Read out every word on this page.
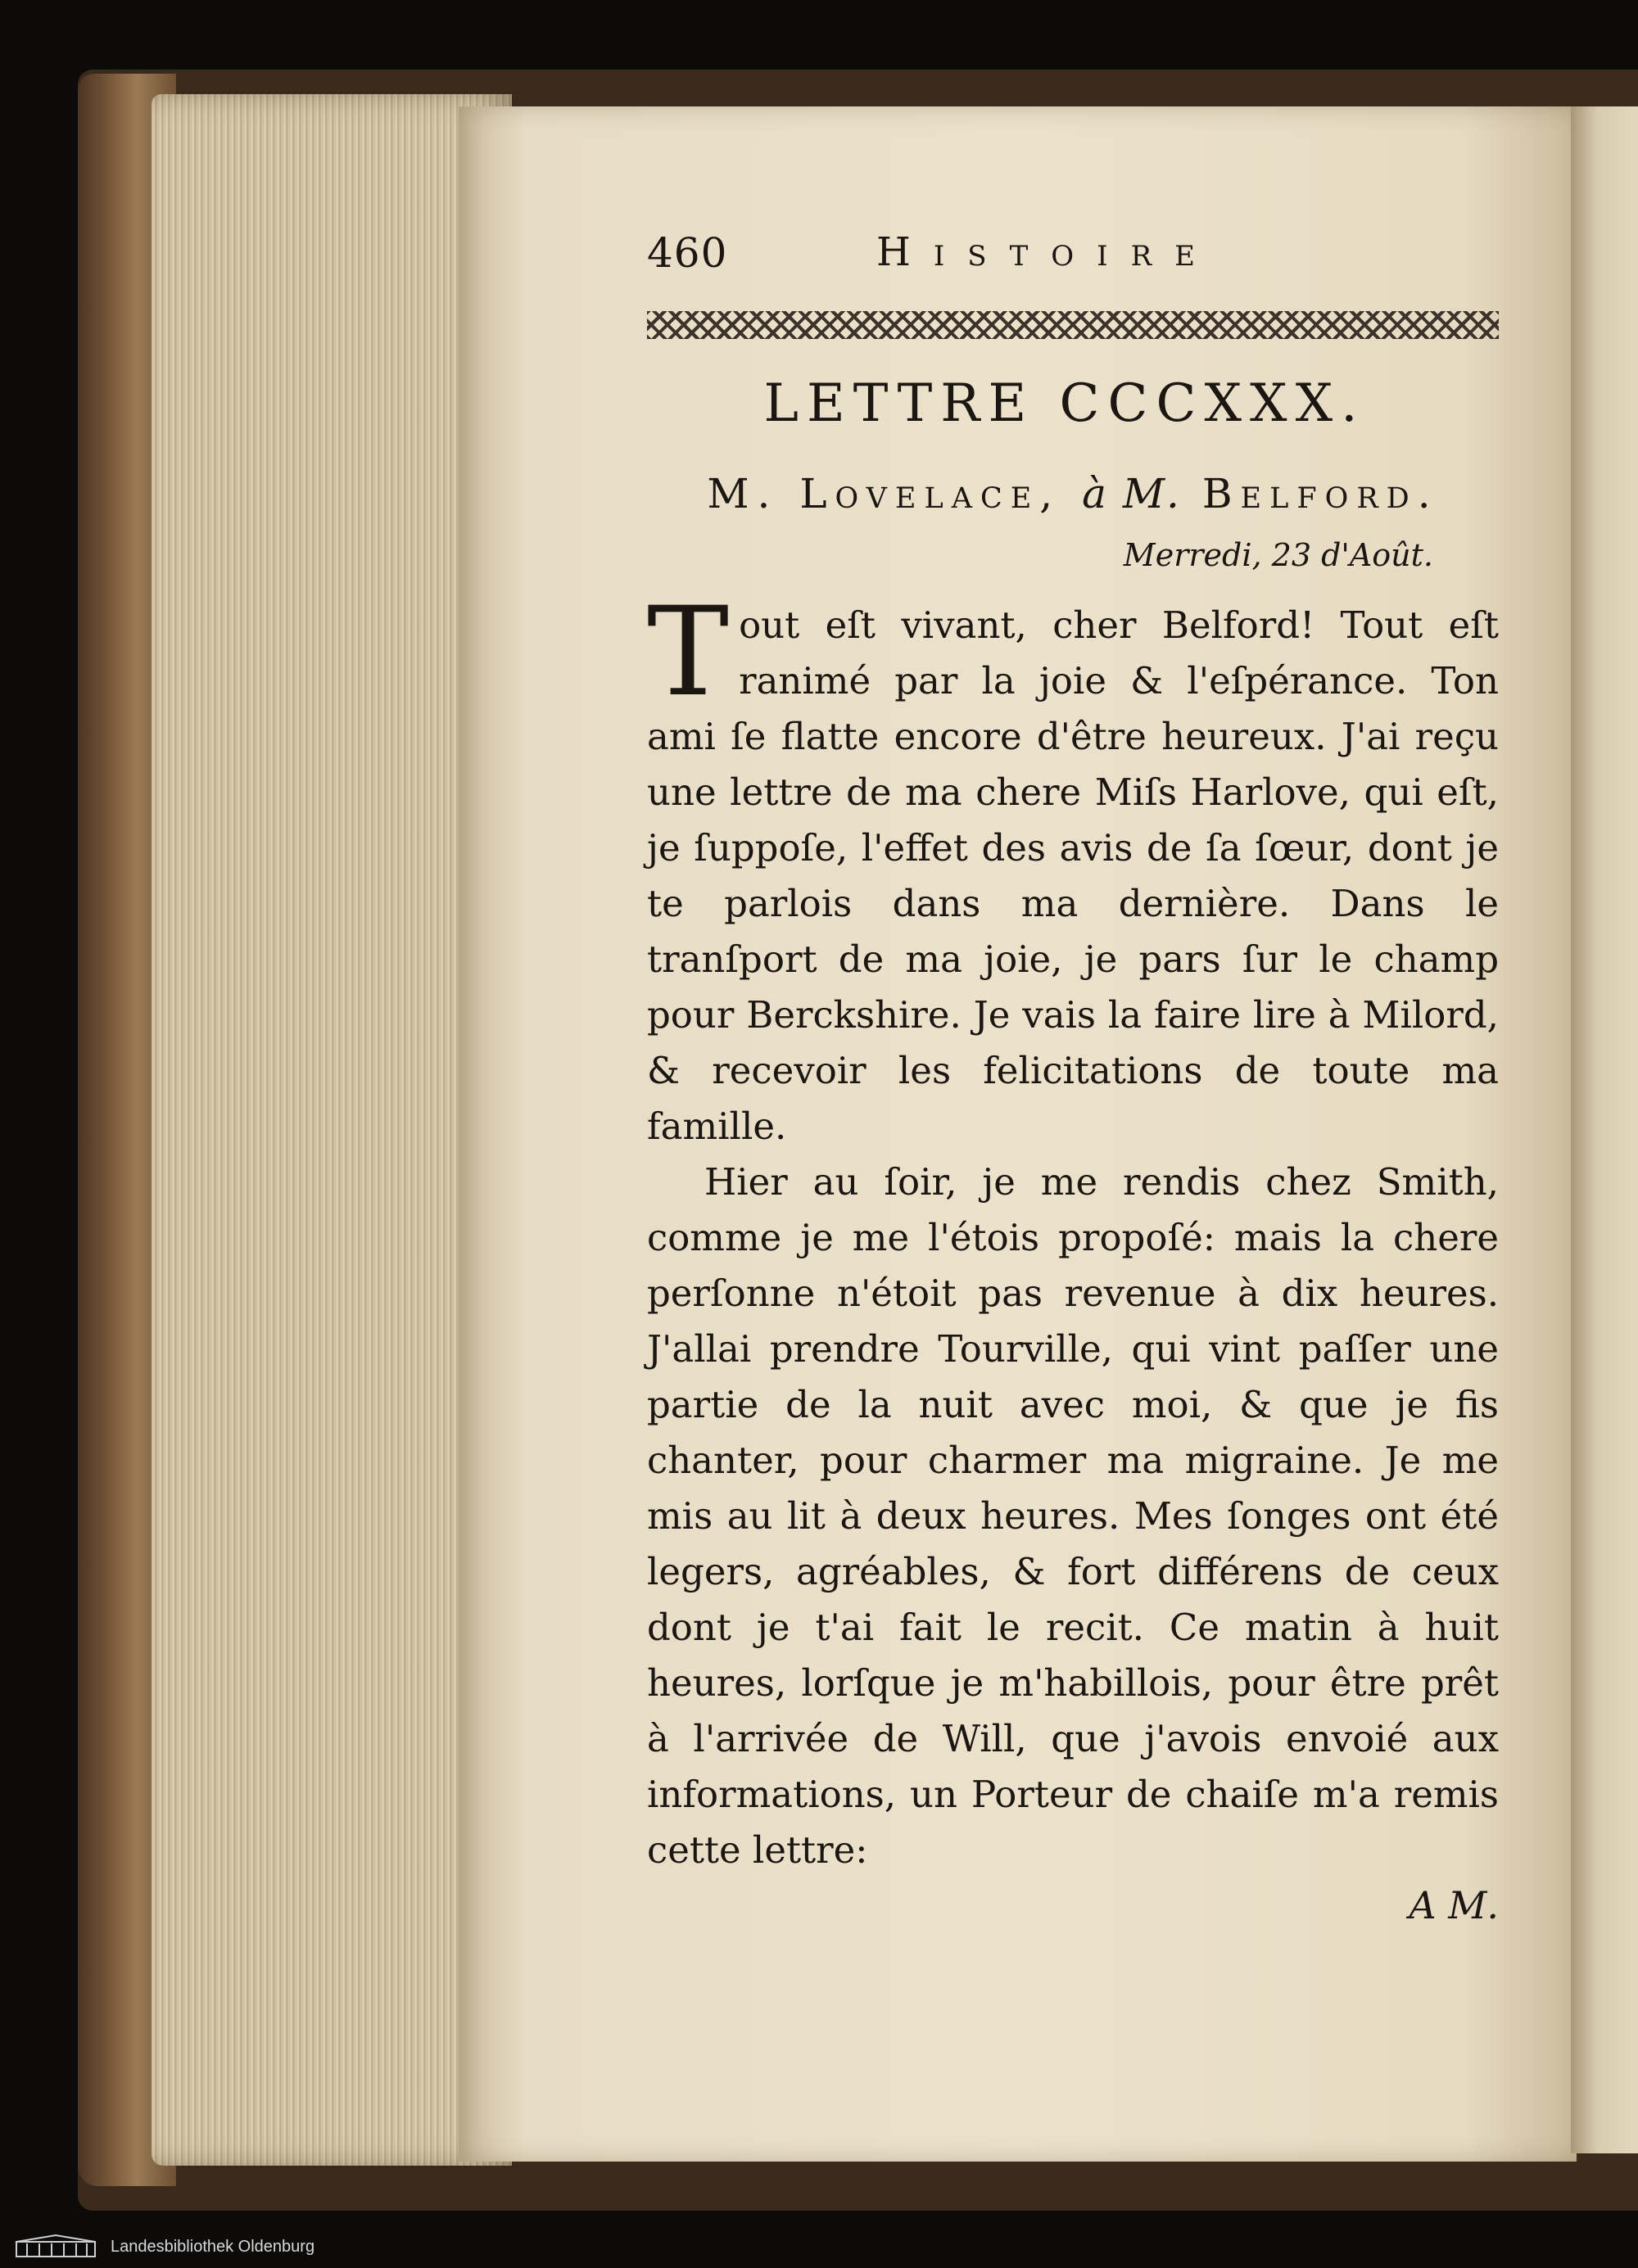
460	Histoire
LETTRE CCCXXX.
M. Lovelace, à M. Belford.
Merredi, 23 d'Août.

Tout eſt vivant, cher Belford! Tout eſt ranimé par la joie & l'eſpérance. Ton ami ſe flatte encore d'être heureux. J'ai reçu une lettre de ma chere Miſs Harlove, qui eſt, je ſuppoſe, l'effet des avis de ſa ſœur, dont je te parlois dans ma dernière. Dans le tranſport de ma joie, je pars ſur le champ pour Berckshire. Je vais la faire lire à Milord, & recevoir les felicitations de toute ma famille.

Hier au ſoir, je me rendis chez Smith, comme je me l'étois propoſé: mais la chere perſonne n'étoit pas revenue à dix heures. J'allai prendre Tourville, qui vint paſſer une partie de la nuit avec moi, & que je fis chanter, pour charmer ma migraine. Je me mis au lit à deux heures. Mes ſonges ont été legers, agréables, & fort différens de ceux dont je t'ai fait le recit. Ce matin à huit heures, lorſque je m'habillois, pour être prêt à l'arrivée de Will, que j'avois envoié aux informations, un Porteur de chaiſe m'a remis cette lettre:

A M.
Landesbibliothek Oldenburg
